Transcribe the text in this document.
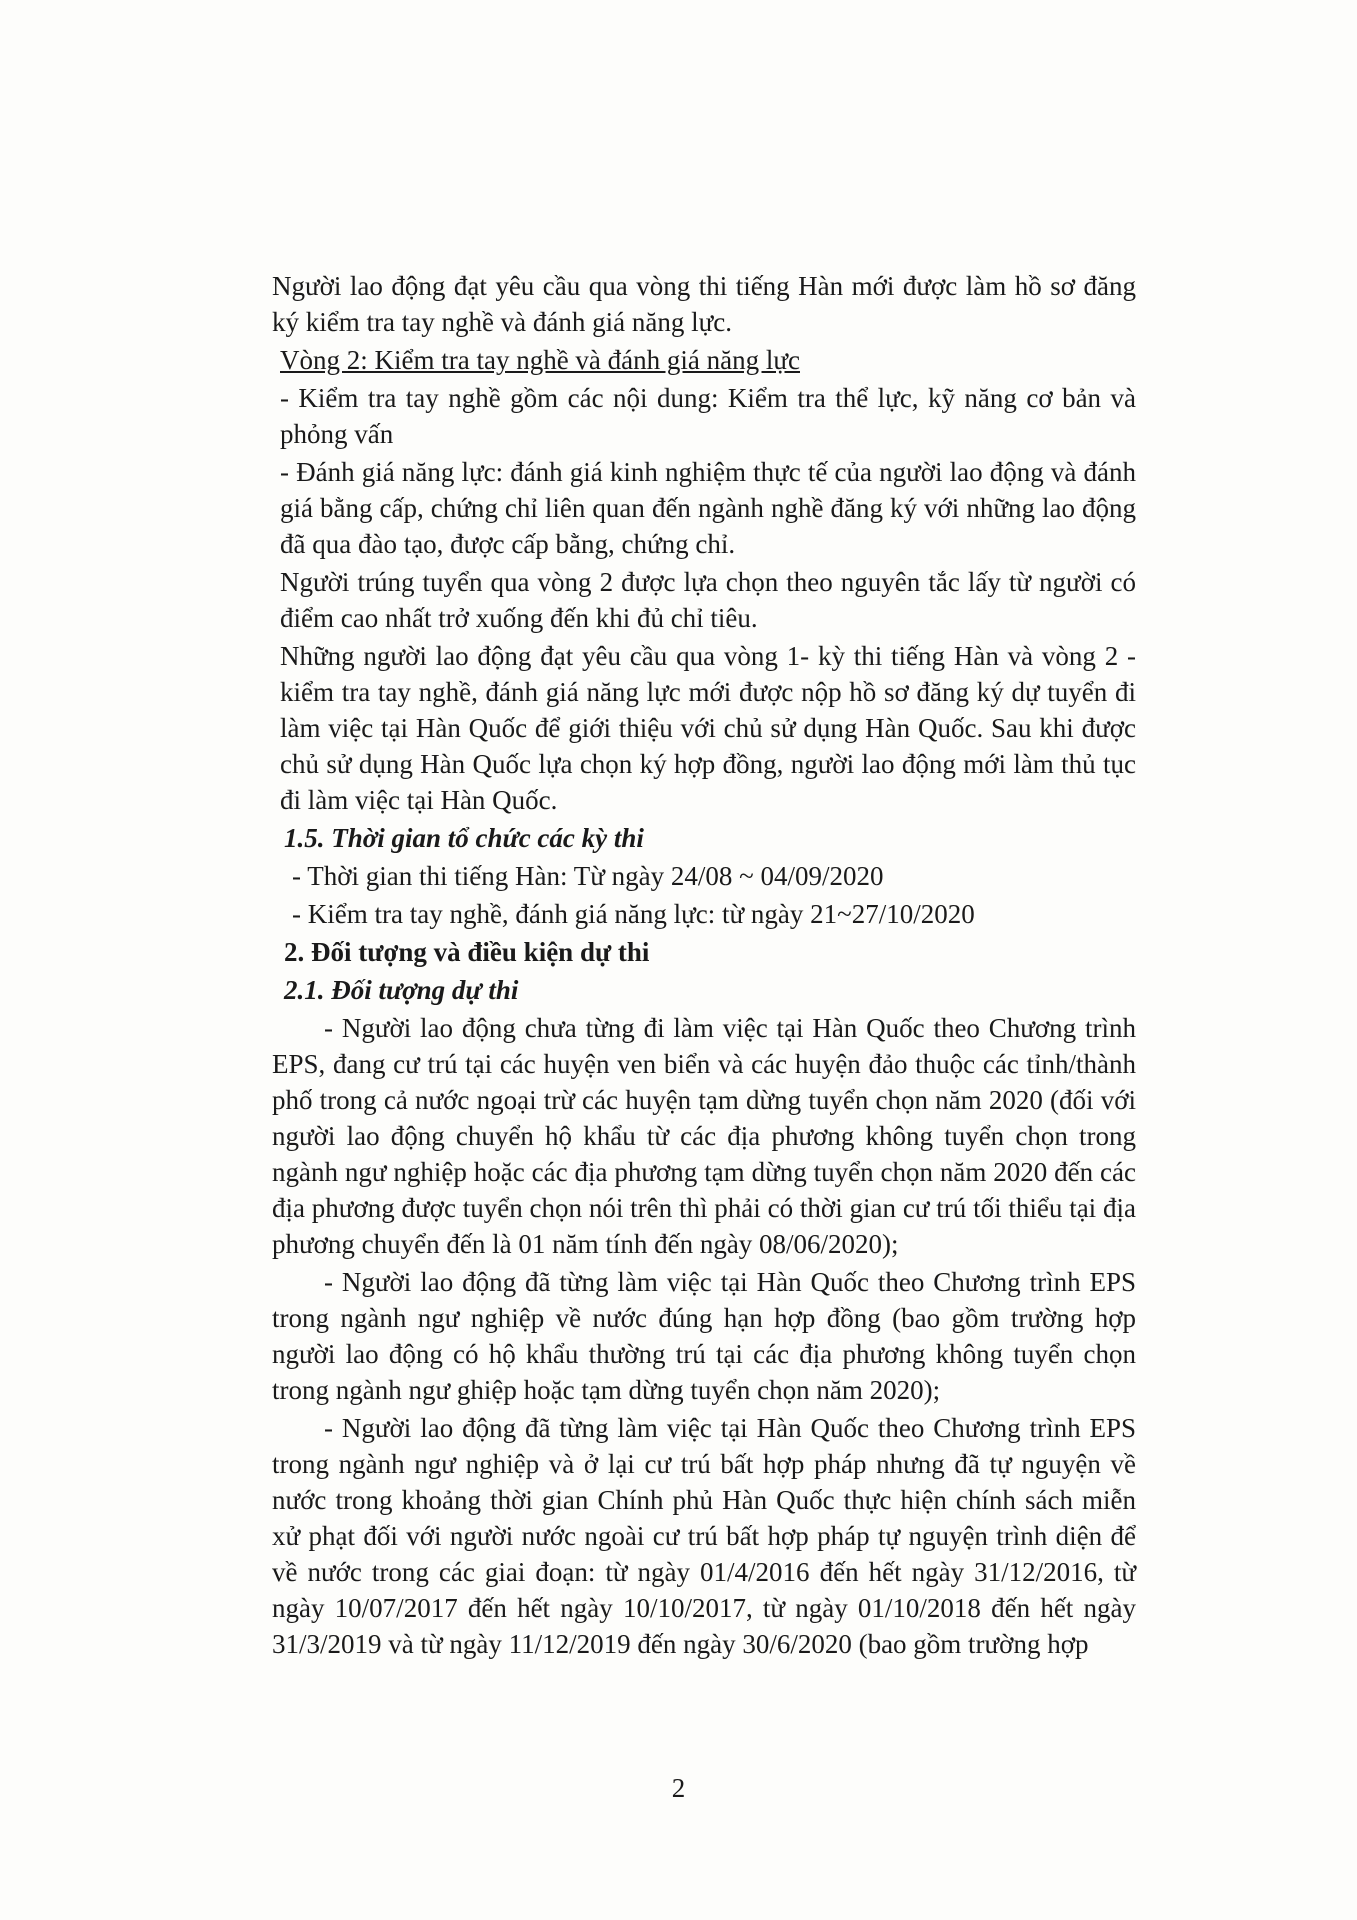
Người lao động đạt yêu cầu qua vòng thi tiếng Hàn mới được làm hồ sơ đăng ký kiểm tra tay nghề và đánh giá năng lực.

Vòng 2: Kiểm tra tay nghề và đánh giá năng lực

- Kiểm tra tay nghề gồm các nội dung: Kiểm tra thể lực, kỹ năng cơ bản và phỏng vấn

- Đánh giá năng lực: đánh giá kinh nghiệm thực tế của người lao động và đánh giá bằng cấp, chứng chỉ liên quan đến ngành nghề đăng ký với những lao động đã qua đào tạo, được cấp bằng, chứng chỉ.

Người trúng tuyển qua vòng 2 được lựa chọn theo nguyên tắc lấy từ người có điểm cao nhất trở xuống đến khi đủ chỉ tiêu.

Những người lao động đạt yêu cầu qua vòng 1- kỳ thi tiếng Hàn và vòng 2 - kiểm tra tay nghề, đánh giá năng lực mới được nộp hồ sơ đăng ký dự tuyển đi làm việc tại Hàn Quốc để giới thiệu với chủ sử dụng Hàn Quốc. Sau khi được chủ sử dụng Hàn Quốc lựa chọn ký hợp đồng, người lao động mới làm thủ tục đi làm việc tại Hàn Quốc.

1.5. Thời gian tổ chức các kỳ thi

- Thời gian thi tiếng Hàn: Từ ngày 24/08 ~ 04/09/2020

- Kiểm tra tay nghề, đánh giá năng lực: từ ngày 21~27/10/2020

2. Đối tượng và điều kiện dự thi

2.1. Đối tượng dự thi

- Người lao động chưa từng đi làm việc tại Hàn Quốc theo Chương trình EPS, đang cư trú tại các huyện ven biển và các huyện đảo thuộc các tỉnh/thành phố trong cả nước ngoại trừ các huyện tạm dừng tuyển chọn năm 2020 (đối với người lao động chuyển hộ khẩu từ các địa phương không tuyển chọn trong ngành ngư nghiệp hoặc các địa phương tạm dừng tuyển chọn năm 2020 đến các địa phương được tuyển chọn nói trên thì phải có thời gian cư trú tối thiểu tại địa phương chuyển đến là 01 năm tính đến ngày 08/06/2020);

- Người lao động đã từng làm việc tại Hàn Quốc theo Chương trình EPS trong ngành ngư nghiệp về nước đúng hạn hợp đồng (bao gồm trường hợp người lao động có hộ khẩu thường trú tại các địa phương không tuyển chọn trong ngành ngư ghiệp hoặc tạm dừng tuyển chọn năm 2020);

- Người lao động đã từng làm việc tại Hàn Quốc theo Chương trình EPS trong ngành ngư nghiệp và ở lại cư trú bất hợp pháp nhưng đã tự nguyện về nước trong khoảng thời gian Chính phủ Hàn Quốc thực hiện chính sách miễn xử phạt đối với người nước ngoài cư trú bất hợp pháp tự nguyện trình diện để về nước trong các giai đoạn: từ ngày 01/4/2016 đến hết ngày 31/12/2016, từ ngày 10/07/2017 đến hết ngày 10/10/2017, từ ngày 01/10/2018 đến hết ngày 31/3/2019 và từ ngày 11/12/2019 đến ngày 30/6/2020 (bao gồm trường hợp

2
